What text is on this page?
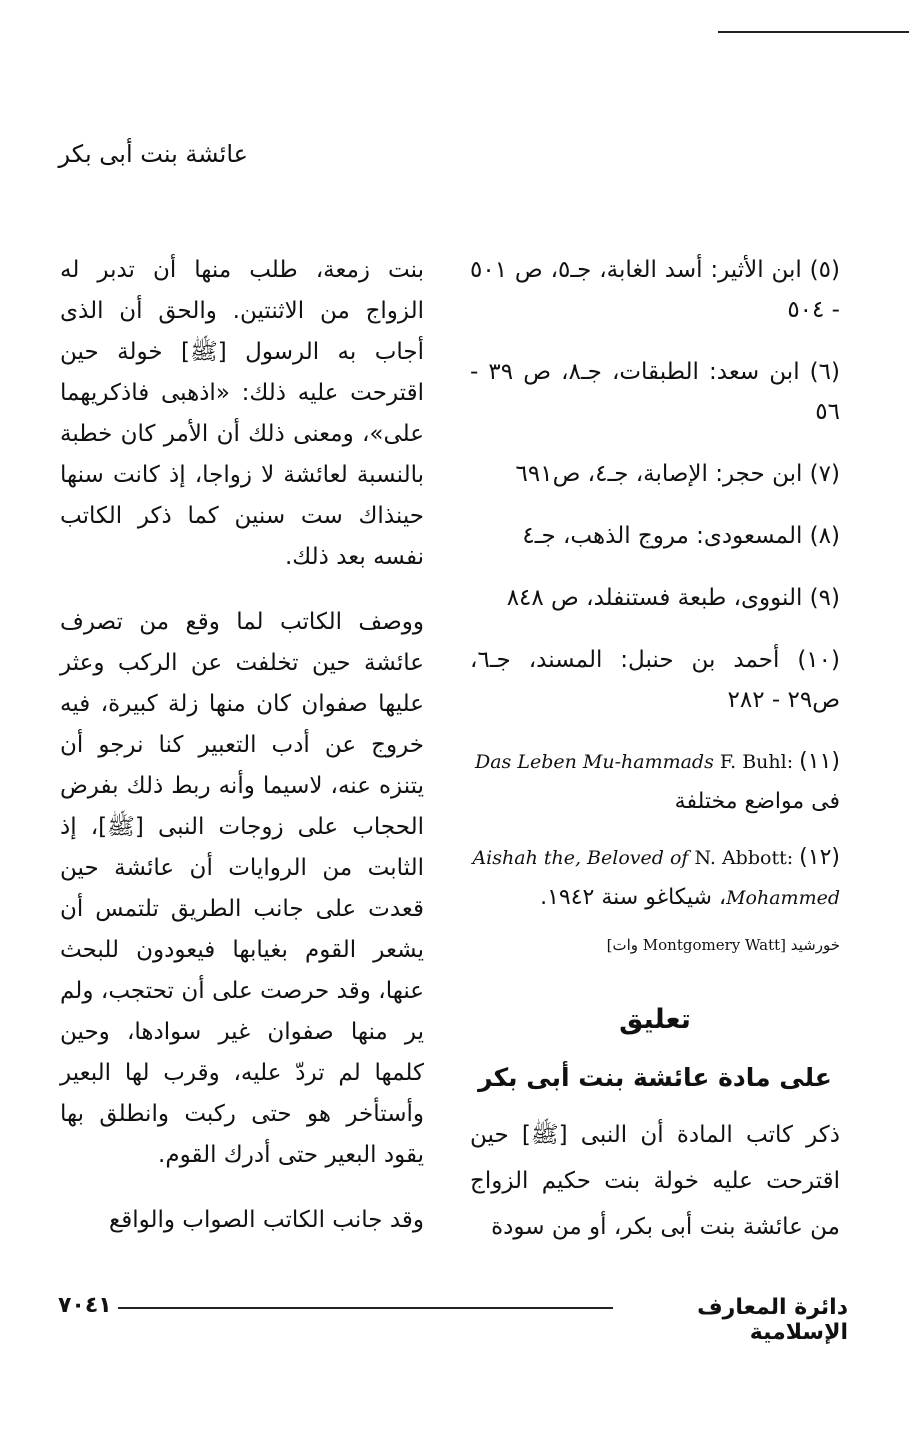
عائشة بنت أبى بكر
(٥) ابن الأثير: أسد الغابة، جـ٥، ص ٥٠١ - ٥٠٤
(٦) ابن سعد: الطبقات، جـ٨، ص ٣٩ - ٥٦
(٧) ابن حجر: الإصابة، جـ٤، ص٦٩١
(٨) المسعودى: مروج الذهب، جـ٤
(٩) النووى، طبعة فستنفلد، ص ٨٤٨
(١٠) أحمد بن حنبل: المسند، جـ٦، ص٢٩ - ٢٨٢
(١١) F. Buhl: Das Leben Mu-hammads فى مواضع مختلفة
(١٢) N. Abbott: Aishah the, Beloved of Mohammed، شيكاغو سنة ١٩٤٢.
خورشيد [وات Montgomery Watt]
تعليق
على مادة عائشة بنت أبى بكر
ذكر كاتب المادة أن النبى [ﷺ] حين اقترحت عليه خولة بنت حكيم الزواج من عائشة بنت أبى بكر، أو من سودة

بنت زمعة، طلب منها أن تدبر له الزواج من الاثنتين. والحق أن الذى أجاب به الرسول [ﷺ] خولة حين اقترحت عليه ذلك: «اذهبى فاذكريهما على»، ومعنى ذلك أن الأمر كان خطبة بالنسبة لعائشة لا زواجا، إذ كانت سنها حينذاك ست سنين كما ذكر الكاتب نفسه بعد ذلك.

ووصف الكاتب لما وقع من تصرف عائشة حين تخلفت عن الركب وعثر عليها صفوان كان منها زلة كبيرة، فيه خروج عن أدب التعبير كنا نرجو أن يتنزه عنه، لاسيما وأنه ربط ذلك بفرض الحجاب على زوجات النبى [ﷺ]، إذ الثابت من الروايات أن عائشة حين قعدت على جانب الطريق تلتمس أن يشعر القوم بغيابها فيعودون للبحث عنها، وقد حرصت على أن تحتجب، ولم ير منها صفوان غير سوادها، وحين كلمها لم تردّ عليه، وقرب لها البعير وأستأخر هو حتى ركبت وانطلق بها يقود البعير حتى أدرك القوم.

وقد جانب الكاتب الصواب والواقع

دائرة المعارف الإسلامية
٧٠٤١
